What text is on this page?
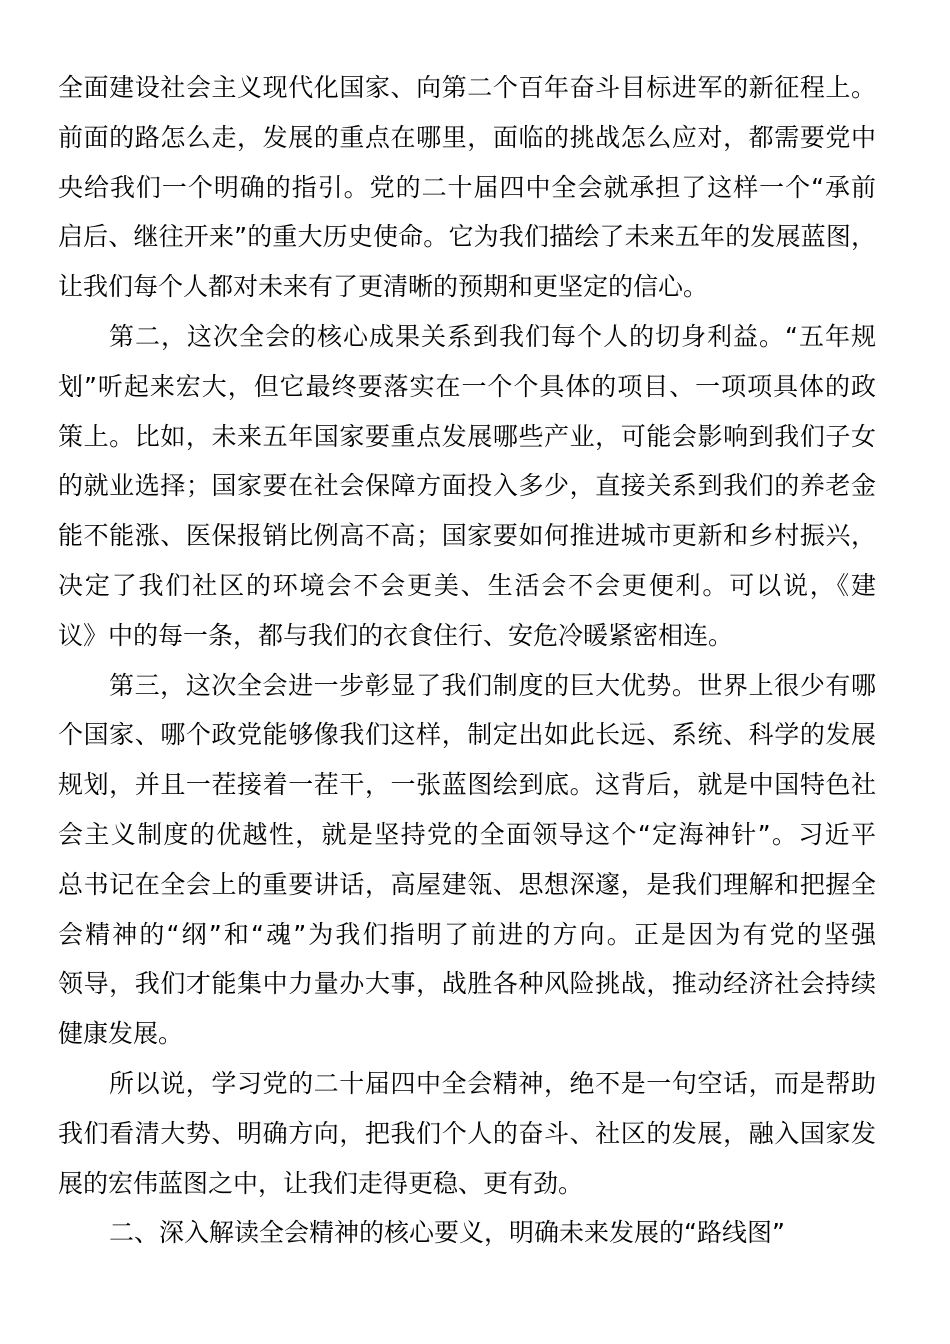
全面建设社会主义现代化国家、向第二个百年奋斗目标进军的新征程上。
前面的路怎么走，发展的重点在哪里，面临的挑战怎么应对，都需要党中
央给我们一个明确的指引。党的二十届四中全会就承担了这样一个“承前
启后、继往开来”的重大历史使命。它为我们描绘了未来五年的发展蓝图，
让我们每个人都对未来有了更清晰的预期和更坚定的信心。
第二，这次全会的核心成果关系到我们每个人的切身利益。“五年规
划”听起来宏大，但它最终要落实在一个个具体的项目、一项项具体的政
策上。比如，未来五年国家要重点发展哪些产业，可能会影响到我们子女
的就业选择；国家要在社会保障方面投入多少，直接关系到我们的养老金
能不能涨、医保报销比例高不高；国家要如何推进城市更新和乡村振兴，
决定了我们社区的环境会不会更美、生活会不会更便利。可以说，《建
议》中的每一条，都与我们的衣食住行、安危冷暖紧密相连。
第三，这次全会进一步彰显了我们制度的巨大优势。世界上很少有哪
个国家、哪个政党能够像我们这样，制定出如此长远、系统、科学的发展
规划，并且一茬接着一茬干，一张蓝图绘到底。这背后，就是中国特色社
会主义制度的优越性，就是坚持党的全面领导这个“定海神针”。习近平
总书记在全会上的重要讲话，高屋建瓴、思想深邃，是我们理解和把握全
会精神的“纲”和“魂”为我们指明了前进的方向。正是因为有党的坚强
领导，我们才能集中力量办大事，战胜各种风险挑战，推动经济社会持续
健康发展。
所以说，学习党的二十届四中全会精神，绝不是一句空话，而是帮助
我们看清大势、明确方向，把我们个人的奋斗、社区的发展，融入国家发
展的宏伟蓝图之中，让我们走得更稳、更有劲。
二、深入解读全会精神的核心要义，明确未来发展的“路线图”
